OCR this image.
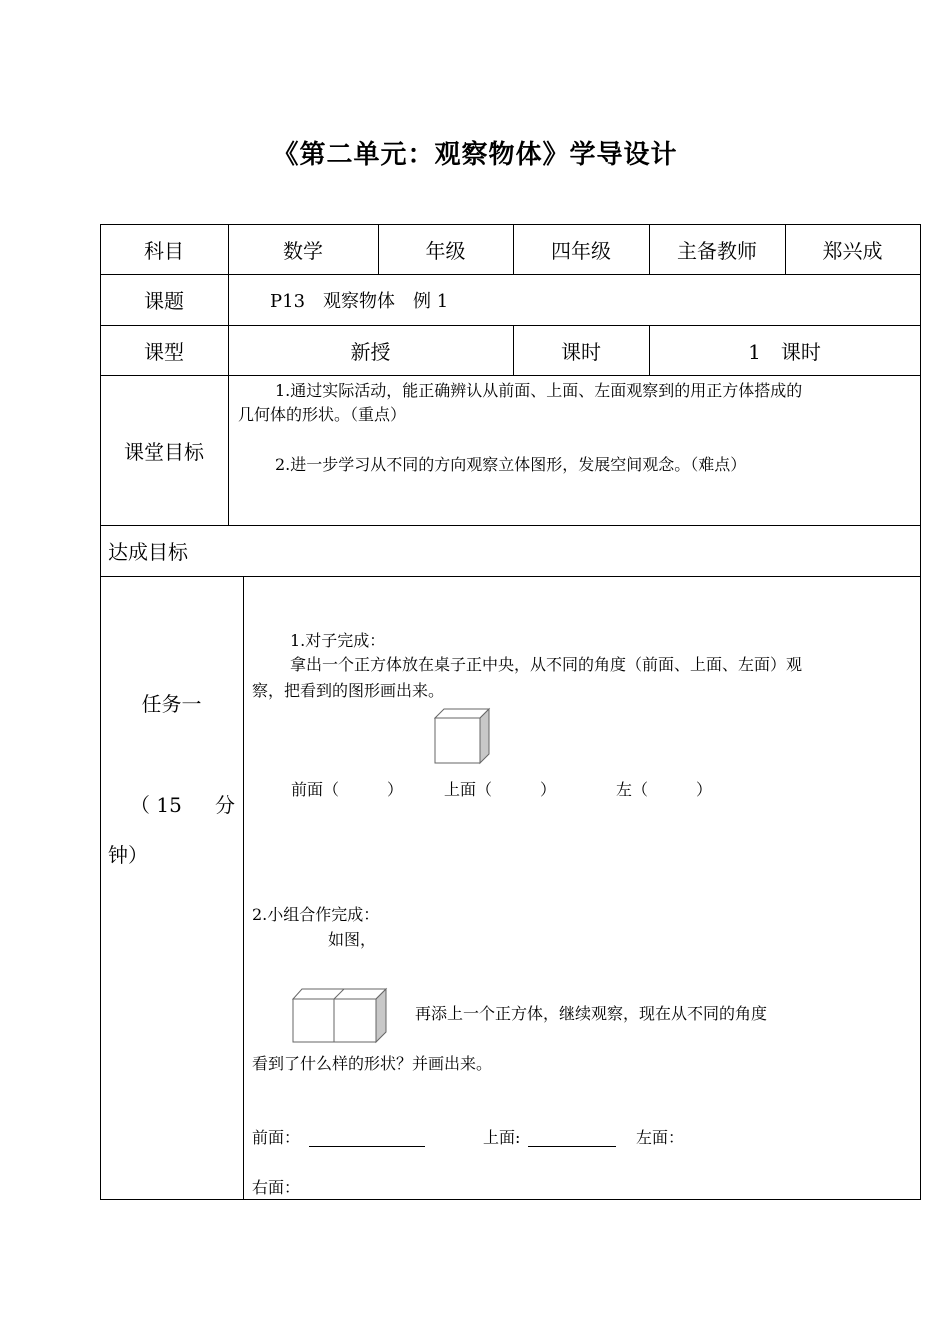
《第二单元：观察物体》学导设计
科目	数学	年级	四年级	主备教师	郑兴成
课题	P13　观察物体　例 1
课型	新授	课时	1　课时
课堂目标
1.通过实际活动，能正确辨认从前面、上面、左面观察到的用正方体搭成的
几何体的形状。（重点）
2.进一步学习从不同的方向观察立体图形，发展空间观念。（难点）
达成目标
任务一
（ 15	分
钟）
1.对子完成：
拿出一个正方体放在桌子正中央，从不同的角度（前面、上面、左面）观
察，把看到的图形画出来。
前面（　　　）	上面（　　　）	左（　　　）
2.小组合作完成：
如图，
再添上一个正方体，继续观察，现在从不同的角度
看到了什么样的形状？并画出来。
前面：	上面:	左面：
右面：
